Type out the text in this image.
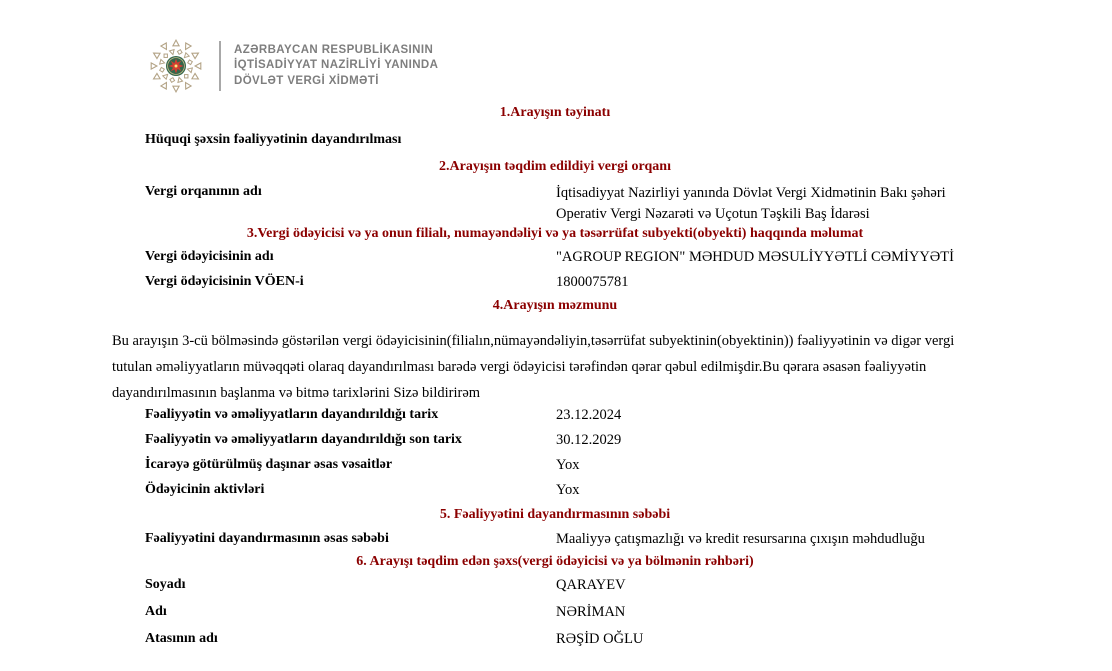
AZƏRBAYCAN RESPUBLİKASININ
İQTİSADİYYAT NAZİRLİYİ YANINDA
DÖVLƏT VERGİ XİDMƏTİ
1.Arayışın təyinatı
Hüquqi şəxsin fəaliyyətinin dayandırılması
2.Arayışın təqdim edildiyi vergi orqanı
Vergi orqanının adı	İqtisadiyyat Nazirliyi yanında Dövlət Vergi Xidmətinin Bakı şəhəri Operativ Vergi Nəzarəti və Uçotun Təşkili Baş İdarəsi
3.Vergi ödəyicisi və ya onun filialı, numayəndəliyi və ya təsərrüfat subyekti(obyekti) haqqında məlumat
Vergi ödəyicisinin adı	"AGROUP REGION" MƏHDUD MƏSULİYYƏTLİ CƏMİYYƏTİ
Vergi ödəyicisinin VÖEN-i	1800075781
4.Arayışın məzmunu
Bu arayışın 3-cü bölməsində göstərilən vergi ödəyicisinin(filialın,nümayəndəliyin,təsərrüfat subyektinin(obyektinin)) fəaliyyətinin və digər vergi tutulan əməliyyatların müvəqqəti olaraq dayandırılması barədə vergi ödəyicisi tərəfindən qərar qəbul edilmişdir.Bu qərara əsasən fəaliyyətin dayandırılmasının başlanma və bitmə tarixlərini Sizə bildirirəm
Fəaliyyətin və əməliyyatların dayandırıldığı tarix	23.12.2024
Fəaliyyətin və əməliyyatların dayandırıldığı son tarix	30.12.2029
İcarəyə götürülmüş daşınar əsas vəsaitlər	Yox
Ödəyicinin aktivləri	Yox
5. Fəaliyyətini dayandırmasının səbəbi
Fəaliyyətini dayandırmasının əsas səbəbi	Maaliyyə çatışmazlığı və kredit resursarına çıxışın məhdudluğu
6. Arayışı təqdim edən şəxs(vergi ödəyicisi və ya bölmənin rəhbəri)
Soyadı	QARAYEV
Adı	NƏRİMAN
Atasının adı	RƏŞİD OĞLU
